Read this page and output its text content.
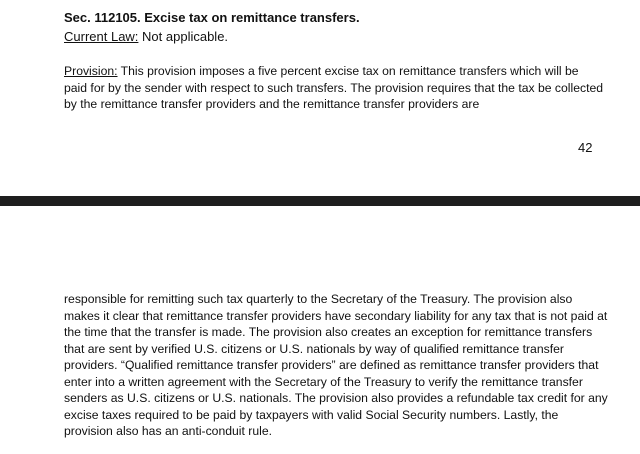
Sec. 112105. Excise tax on remittance transfers.
Current Law: Not applicable.

Provision: This provision imposes a five percent excise tax on remittance transfers which will be paid for by the sender with respect to such transfers. The provision requires that the tax be collected by the remittance transfer providers and the remittance transfer providers are

42

responsible for remitting such tax quarterly to the Secretary of the Treasury. The provision also makes it clear that remittance transfer providers have secondary liability for any tax that is not paid at the time that the transfer is made. The provision also creates an exception for remittance transfers that are sent by verified U.S. citizens or U.S. nationals by way of qualified remittance transfer providers. “Qualified remittance transfer providers” are defined as remittance transfer providers that enter into a written agreement with the Secretary of the Treasury to verify the remittance transfer senders as U.S. citizens or U.S. nationals. The provision also provides a refundable tax credit for any excise taxes required to be paid by taxpayers with valid Social Security numbers. Lastly, the provision also has an anti-conduit rule.
